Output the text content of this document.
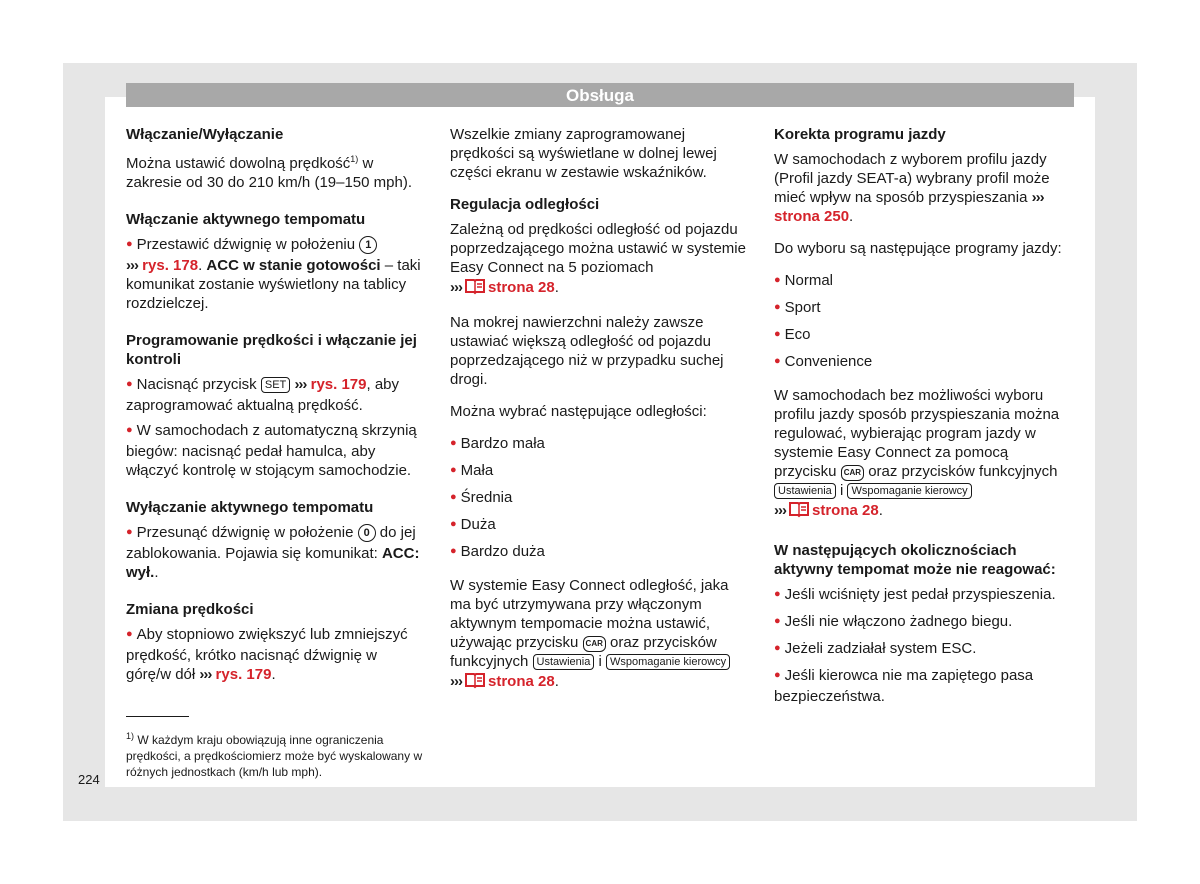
Obsługa
Włączanie/Wyłączanie

Można ustawić dowolną prędkość$^{1)}$ w zakresie od 30 do 210 km/h (19–150 mph).

Włączanie aktywnego tempomatu

● Przestawić dźwignię w położeniu 1
››› rys. 178. ACC w stanie gotowości – taki komunikat zostanie wyświetlony na tablicy rozdzielczej.

Programowanie prędkości i włączanie jej kontroli

● Nacisnąć przycisk SET ››› rys. 179, aby zaprogramować aktualną prędkość.

● W samochodach z automatyczną skrzynią biegów: nacisnąć pedał hamulca, aby włączyć kontrolę w stojącym samochodzie.

Wyłączanie aktywnego tempomatu

● Przesunąć dźwignię w położenie 0 do jej zablokowania. Pojawia się komunikat: ACC: wył..

Zmiana prędkości

● Aby stopniowo zwiększyć lub zmniejszyć prędkość, krótko nacisnąć dźwignię w górę/w dół ››› rys. 179.

Wszelkie zmiany zaprogramowanej prędkości są wyświetlane w dolnej lewej części ekranu w zestawie wskaźników.

Regulacja odległości

Zależną od prędkości odległość od pojazdu poprzedzającego można ustawić w systemie Easy Connect na 5 poziomach
››› strona 28.

Na mokrej nawierzchni należy zawsze ustawiać większą odległość od pojazdu poprzedzającego niż w przypadku suchej drogi.

Można wybrać następujące odległości:

● Bardzo mała
● Mała
● Średnia
● Duża
● Bardzo duża

W systemie Easy Connect odległość, jaka ma być utrzymywana przy włączonym aktywnym tempomacie można ustawić, używając przycisku CAR oraz przycisków funkcyjnych Ustawienia i Wspomaganie kierowcy
››› strona 28.

Korekta programu jazdy

W samochodach z wyborem profilu jazdy (Profil jazdy SEAT-a) wybrany profil może mieć wpływ na sposób przyspieszania ››› strona 250.

Do wyboru są następujące programy jazdy:

● Normal
● Sport
● Eco
● Convenience

W samochodach bez możliwości wyboru profilu jazdy sposób przyspieszania można regulować, wybierając program jazdy w systemie Easy Connect za pomocą przycisku CAR oraz przycisków funkcyjnych Ustawienia i Wspomaganie kierowcy
››› strona 28.

W następujących okolicznościach aktywny tempomat może nie reagować:
● Jeśli wciśnięty jest pedał przyspieszenia.
● Jeśli nie włączono żadnego biegu.
● Jeżeli zadziałał system ESC.
● Jeśli kierowca nie ma zapiętego pasa bezpieczeństwa.
$^{1)}$ W każdym kraju obowiązują inne ograniczenia prędkości, a prędkościomierz może być wyskalowany w różnych jednostkach (km/h lub mph).
224
